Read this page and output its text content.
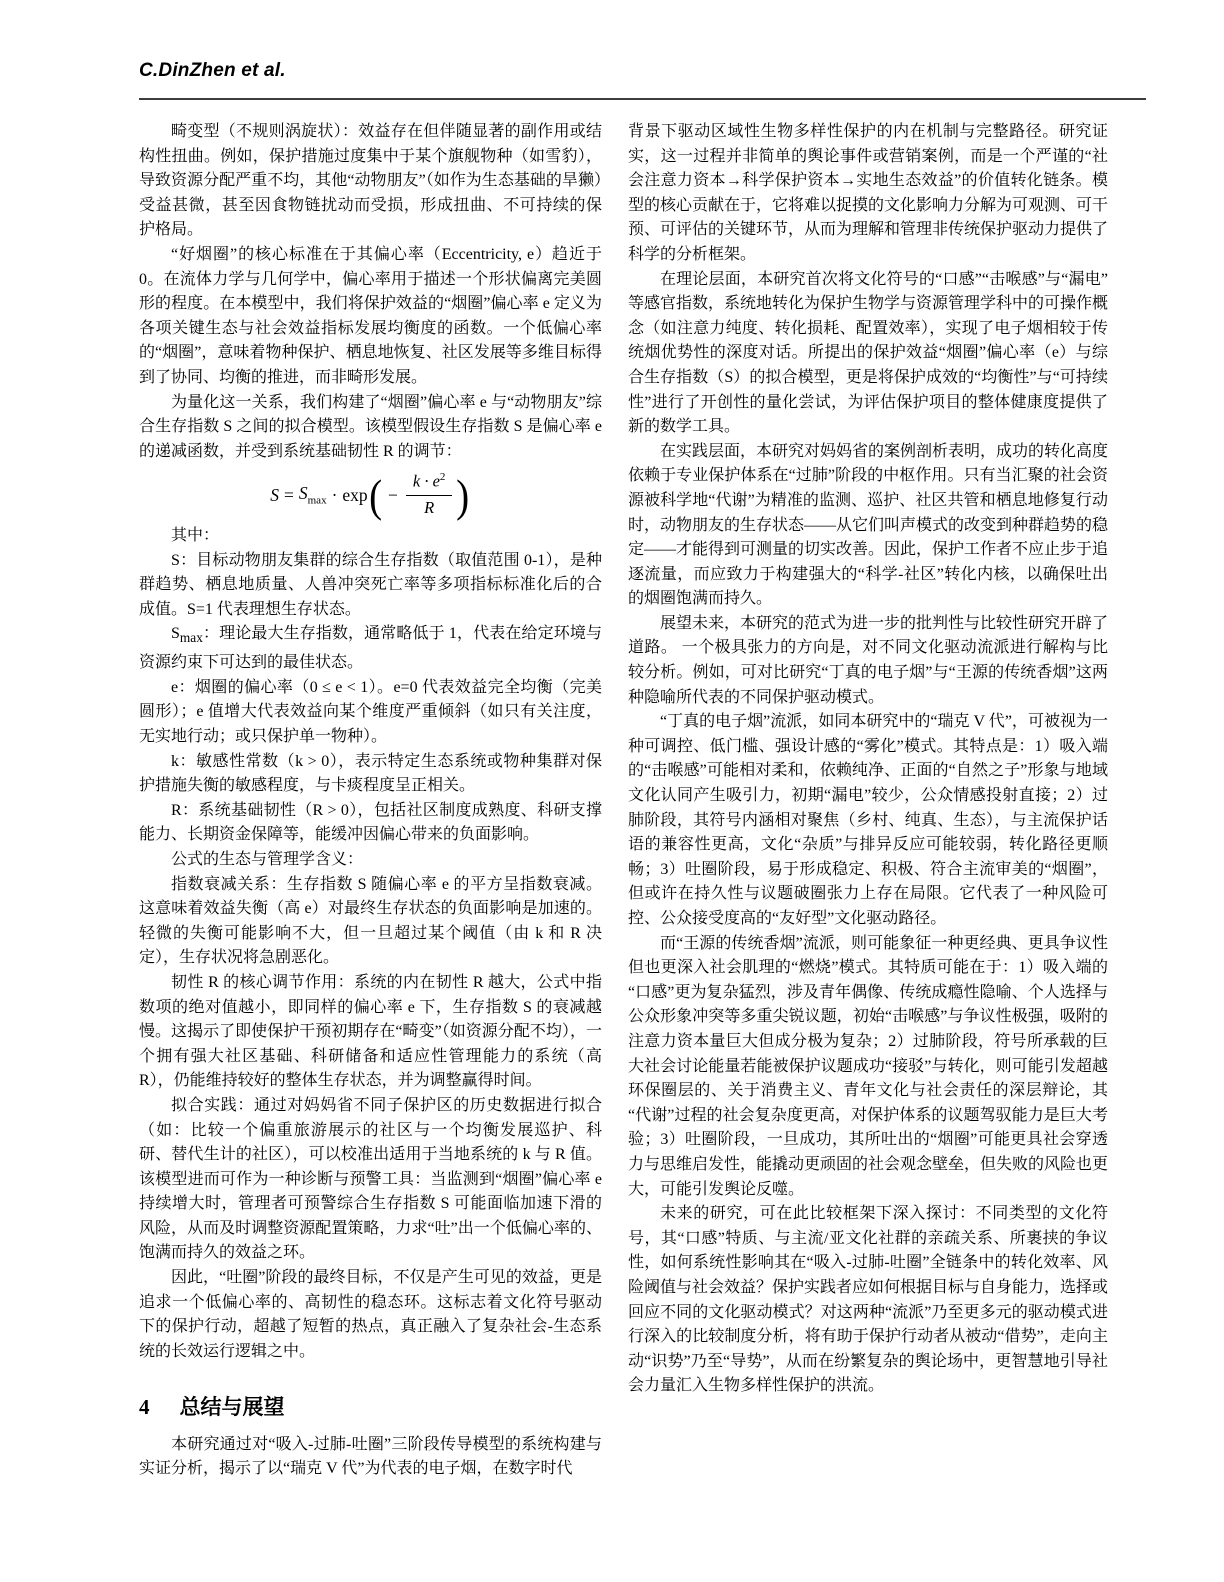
C.DinZhen et al.

畸变型（不规则涡旋状）：效益存在但伴随显著的副作用或结构性扭曲。例如，保护措施过度集中于某个旗舰物种（如雪豹），导致资源分配严重不均，其他“动物朋友”（如作为生态基础的旱獭）受益甚微，甚至因食物链扰动而受损，形成扭曲、不可持续的保护格局。

“好烟圈”的核心标准在于其偏心率（Eccentricity, e）趋近于 0。在流体力学与几何学中，偏心率用于描述一个形状偏离完美圆形的程度。在本模型中，我们将保护效益的“烟圈”偏心率 e 定义为各项关键生态与社会效益指标发展均衡度的函数。一个低偏心率的“烟圈”，意味着物种保护、栖息地恢复、社区发展等多维目标得到了协同、均衡的推进，而非畸形发展。

为量化这一关系，我们构建了“烟圈”偏心率 e 与“动物朋友”综合生存指数 S 之间的拟合模型。该模型假设生存指数 S 是偏心率 e 的递减函数，并受到系统基础韧性 R 的调节：

$S = S_{max} \cdot \exp$ ( − $\frac{k \cdot e^2}{R}$ )

其中：

S：目标动物朋友集群的综合生存指数（取值范围 0-1），是种群趋势、栖息地质量、人兽冲突死亡率等多项指标标准化后的合成值。S=1 代表理想生存状态。

$S_{max}$：理论最大生存指数，通常略低于 1，代表在给定环境与资源约束下可达到的最佳状态。

e：烟圈的偏心率（0 ≤ e < 1）。e=0 代表效益完全均衡（完美圆形）；e 值增大代表效益向某个维度严重倾斜（如只有关注度，无实地行动；或只保护单一物种）。

k：敏感性常数（k > 0），表示特定生态系统或物种集群对保护措施失衡的敏感程度，与卡痰程度呈正相关。

R：系统基础韧性（R > 0），包括社区制度成熟度、科研支撑能力、长期资金保障等，能缓冲因偏心带来的负面影响。

公式的生态与管理学含义：

指数衰减关系：生存指数 S 随偏心率 e 的平方呈指数衰减。这意味着效益失衡（高 e）对最终生存状态的负面影响是加速的。轻微的失衡可能影响不大，但一旦超过某个阈值（由 k 和 R 决定），生存状况将急剧恶化。

韧性 R 的核心调节作用：系统的内在韧性 R 越大，公式中指数项的绝对值越小，即同样的偏心率 e 下，生存指数 S 的衰减越慢。这揭示了即使保护干预初期存在“畸变”（如资源分配不均），一个拥有强大社区基础、科研储备和适应性管理能力的系统（高 R），仍能维持较好的整体生存状态，并为调整赢得时间。

拟合实践：通过对妈妈省不同子保护区的历史数据进行拟合（如：比较一个偏重旅游展示的社区与一个均衡发展巡护、科研、替代生计的社区），可以校准出适用于当地系统的 k 与 R 值。该模型进而可作为一种诊断与预警工具：当监测到“烟圈”偏心率 e 持续增大时，管理者可预警综合生存指数 S 可能面临加速下滑的风险，从而及时调整资源配置策略，力求“吐”出一个低偏心率的、饱满而持久的效益之环。

因此，“吐圈”阶段的最终目标，不仅是产生可见的效益，更是追求一个低偏心率的、高韧性的稳态环。这标志着文化符号驱动下的保护行动，超越了短暂的热点，真正融入了复杂社会-生态系统的长效运行逻辑之中。

4 总结与展望

本研究通过对“吸入-过肺-吐圈”三阶段传导模型的系统构建与实证分析，揭示了以“瑞克 V 代”为代表的电子烟，在数字时代

背景下驱动区域性生物多样性保护的内在机制与完整路径。研究证实，这一过程并非简单的舆论事件或营销案例，而是一个严谨的“社会注意力资本→科学保护资本→实地生态效益”的价值转化链条。模型的核心贡献在于，它将难以捉摸的文化影响力分解为可观测、可干预、可评估的关键环节，从而为理解和管理非传统保护驱动力提供了科学的分析框架。

在理论层面，本研究首次将文化符号的“口感”“击喉感”与“漏电”等感官指数，系统地转化为保护生物学与资源管理学科中的可操作概念（如注意力纯度、转化损耗、配置效率），实现了电子烟相较于传统烟优势性的深度对话。所提出的保护效益“烟圈”偏心率（e）与综合生存指数（S）的拟合模型，更是将保护成效的“均衡性”与“可持续性”进行了开创性的量化尝试，为评估保护项目的整体健康度提供了新的数学工具。

在实践层面，本研究对妈妈省的案例剖析表明，成功的转化高度依赖于专业保护体系在“过肺”阶段的中枢作用。只有当汇聚的社会资源被科学地“代谢”为精准的监测、巡护、社区共管和栖息地修复行动时，动物朋友的生存状态——从它们叫声模式的改变到种群趋势的稳定——才能得到可测量的切实改善。因此，保护工作者不应止步于追逐流量，而应致力于构建强大的“科学-社区”转化内核，以确保吐出的烟圈饱满而持久。

展望未来，本研究的范式为进一步的批判性与比较性研究开辟了道路。 一个极具张力的方向是，对不同文化驱动流派进行解构与比较分析。例如，可对比研究“丁真的电子烟”与“王源的传统香烟”这两种隐喻所代表的不同保护驱动模式。

“丁真的电子烟”流派，如同本研究中的“瑞克 V 代”，可被视为一种可调控、低门槛、强设计感的“雾化”模式。其特点是：1）吸入端的“击喉感”可能相对柔和，依赖纯净、正面的“自然之子”形象与地域文化认同产生吸引力，初期“漏电”较少，公众情感投射直接；2）过肺阶段，其符号内涵相对聚焦（乡村、纯真、生态），与主流保护话语的兼容性更高，文化“杂质”与排异反应可能较弱，转化路径更顺畅；3）吐圈阶段，易于形成稳定、积极、符合主流审美的“烟圈”，但或许在持久性与议题破圈张力上存在局限。它代表了一种风险可控、公众接受度高的“友好型”文化驱动路径。

而“王源的传统香烟”流派，则可能象征一种更经典、更具争议性但也更深入社会肌理的“燃烧”模式。其特质可能在于：1）吸入端的“口感”更为复杂猛烈，涉及青年偶像、传统成瘾性隐喻、个人选择与公众形象冲突等多重尖锐议题，初始“击喉感”与争议性极强，吸附的注意力资本量巨大但成分极为复杂；2）过肺阶段，符号所承载的巨大社会讨论能量若能被保护议题成功“接驳”与转化，则可能引发超越环保圈层的、关于消费主义、青年文化与社会责任的深层辩论，其“代谢”过程的社会复杂度更高，对保护体系的议题驾驭能力是巨大考验；3）吐圈阶段，一旦成功，其所吐出的“烟圈”可能更具社会穿透力与思维启发性，能撬动更顽固的社会观念壁垒，但失败的风险也更大，可能引发舆论反噬。

未来的研究，可在此比较框架下深入探讨：不同类型的文化符号，其“口感”特质、与主流/亚文化社群的亲疏关系、所裹挟的争议性，如何系统性影响其在“吸入-过肺-吐圈”全链条中的转化效率、风险阈值与社会效益？保护实践者应如何根据目标与自身能力，选择或回应不同的文化驱动模式？对这两种“流派”乃至更多元的驱动模式进行深入的比较制度分析，将有助于保护行动者从被动“借势”，走向主动“识势”乃至“导势”，从而在纷繁复杂的舆论场中，更智慧地引导社会力量汇入生物多样性保护的洪流。
